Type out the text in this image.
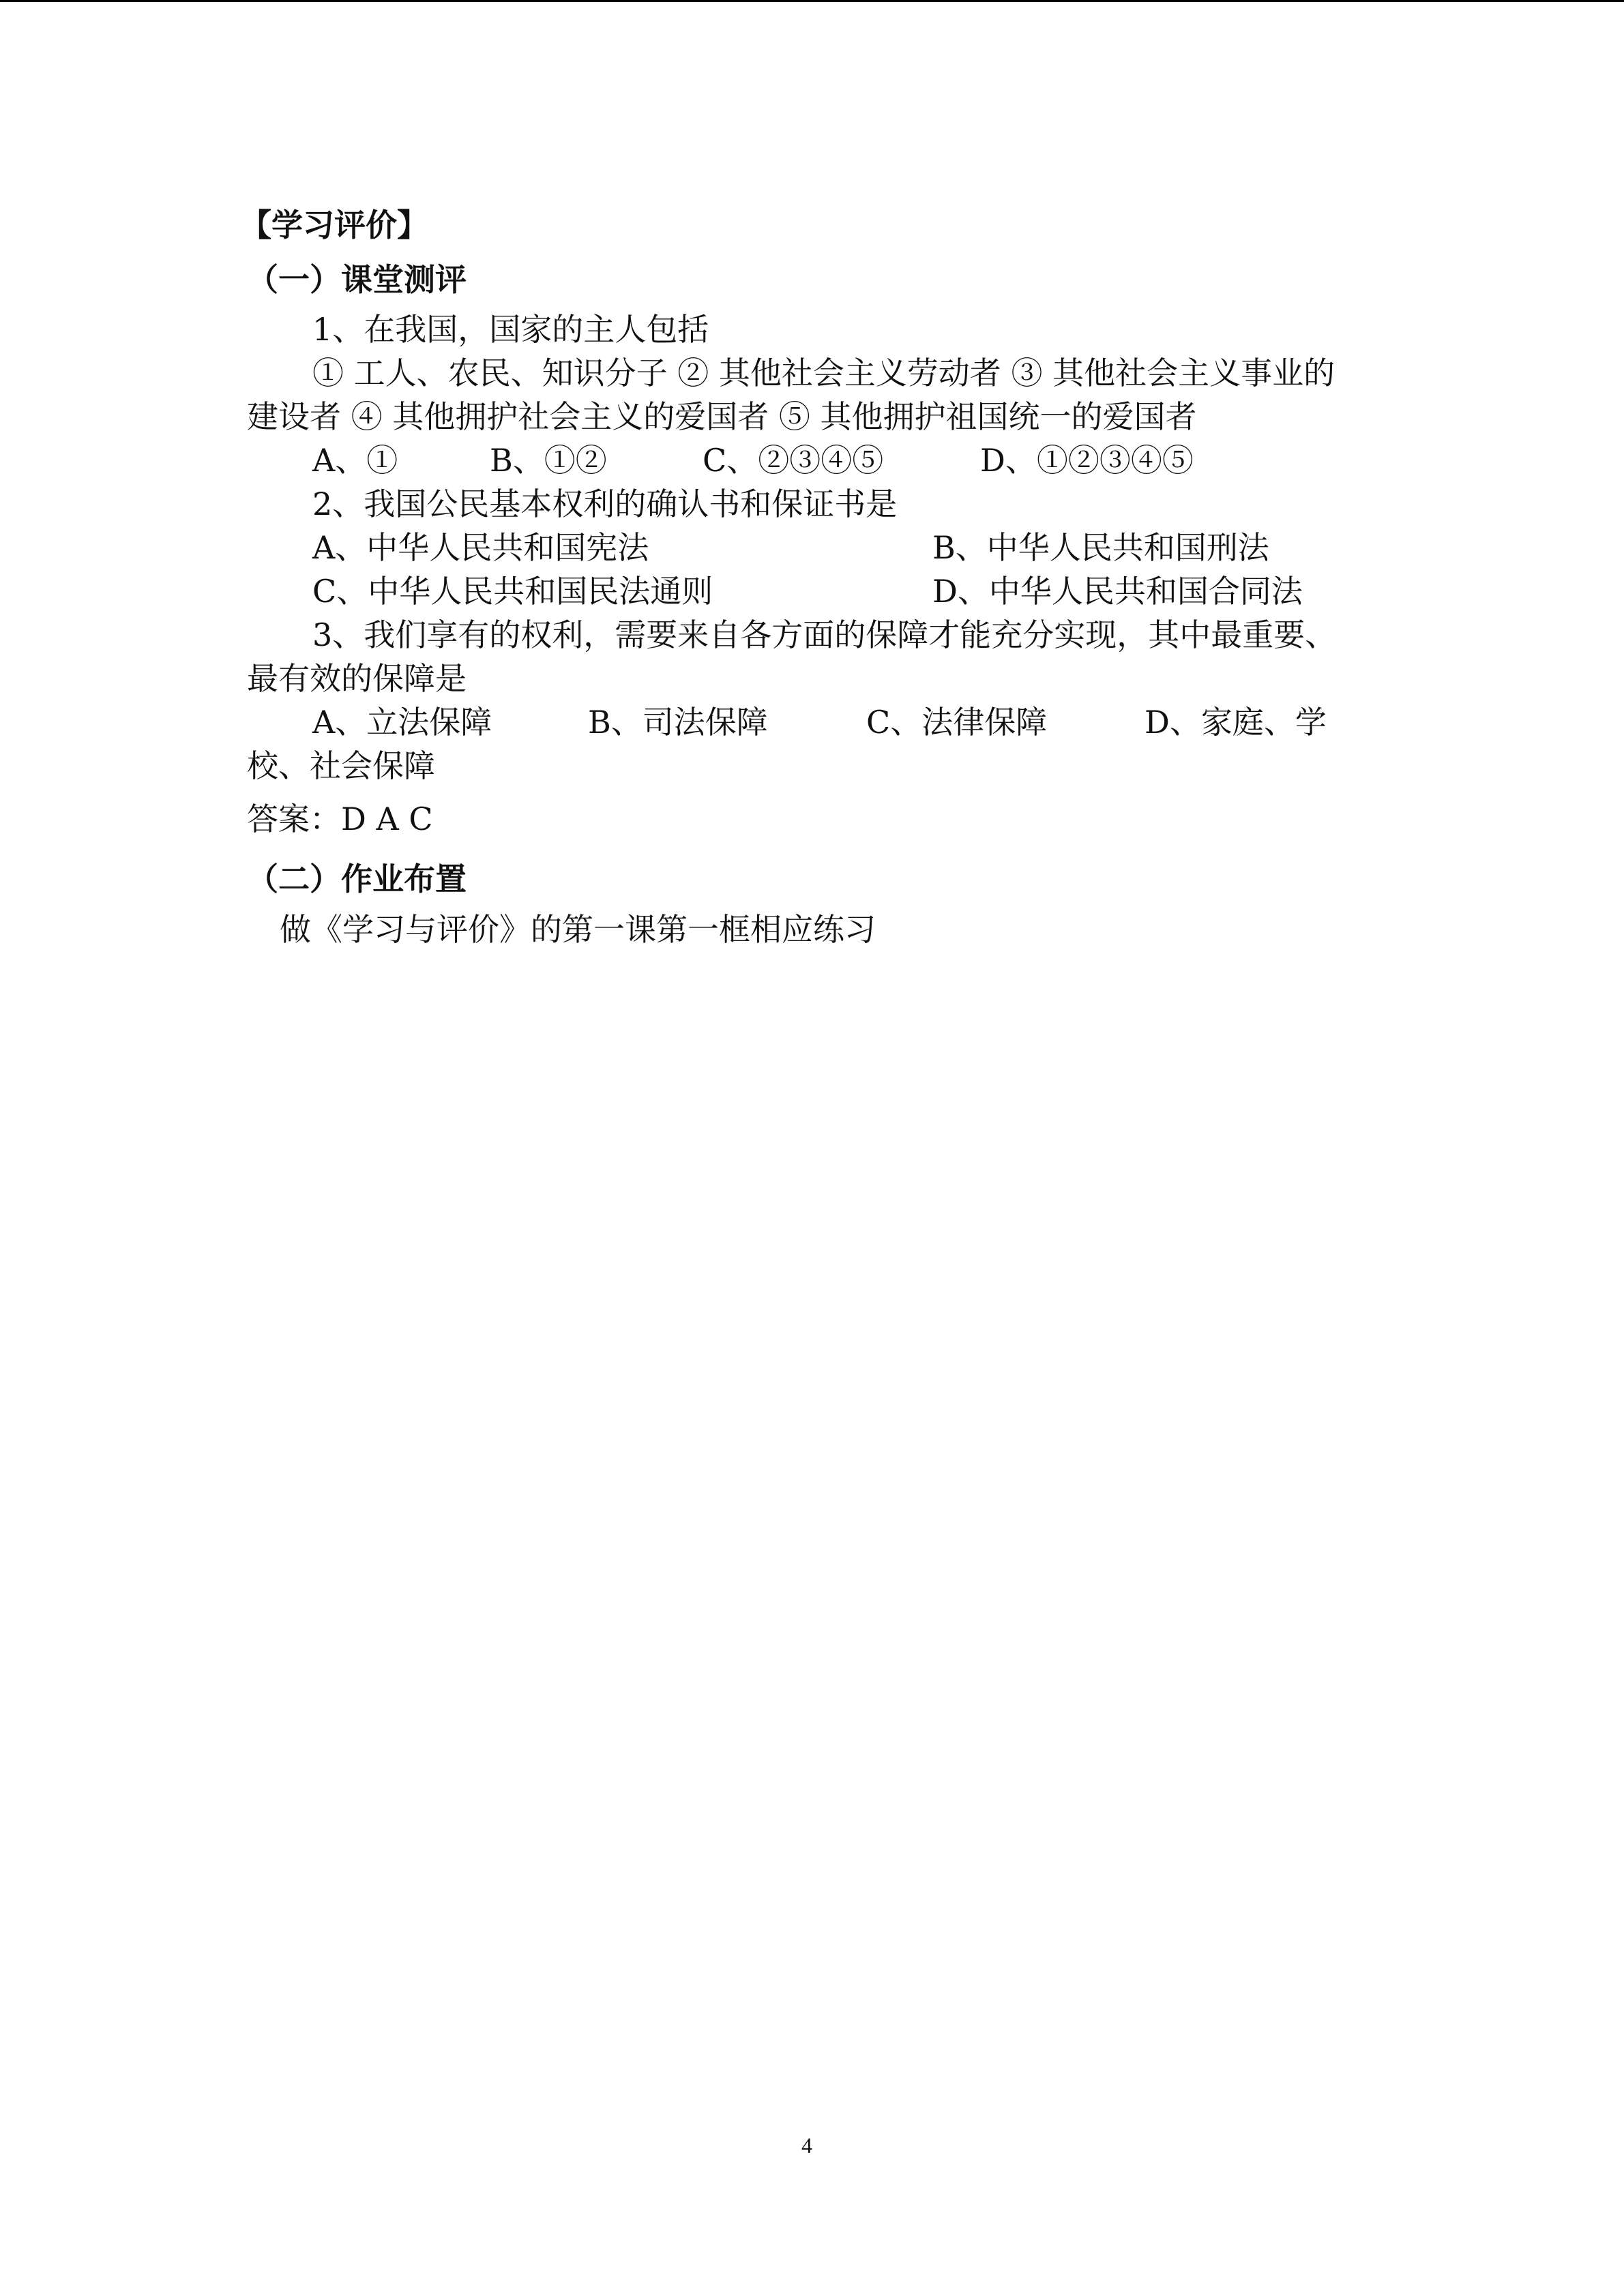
【学习评价】
（一）课堂测评
1、在我国，国家的主人包括
① 工人、农民、知识分子 ② 其他社会主义劳动者 ③ 其他社会主义事业的
建设者 ④ 其他拥护社会主义的爱国者 ⑤ 其他拥护祖国统一的爱国者
A、①	B、①②	C、②③④⑤	D、①②③④⑤
2、我国公民基本权利的确认书和保证书是
A、中华人民共和国宪法	B、中华人民共和国刑法
C、中华人民共和国民法通则	D、中华人民共和国合同法
3、我们享有的权利，需要来自各方面的保障才能充分实现，其中最重要、
最有效的保障是
A、立法保障	B、司法保障	C、法律保障	D、家庭、学
校、社会保障
答案：D A C
（二）作业布置
做《学习与评价》的第一课第一框相应练习
4
